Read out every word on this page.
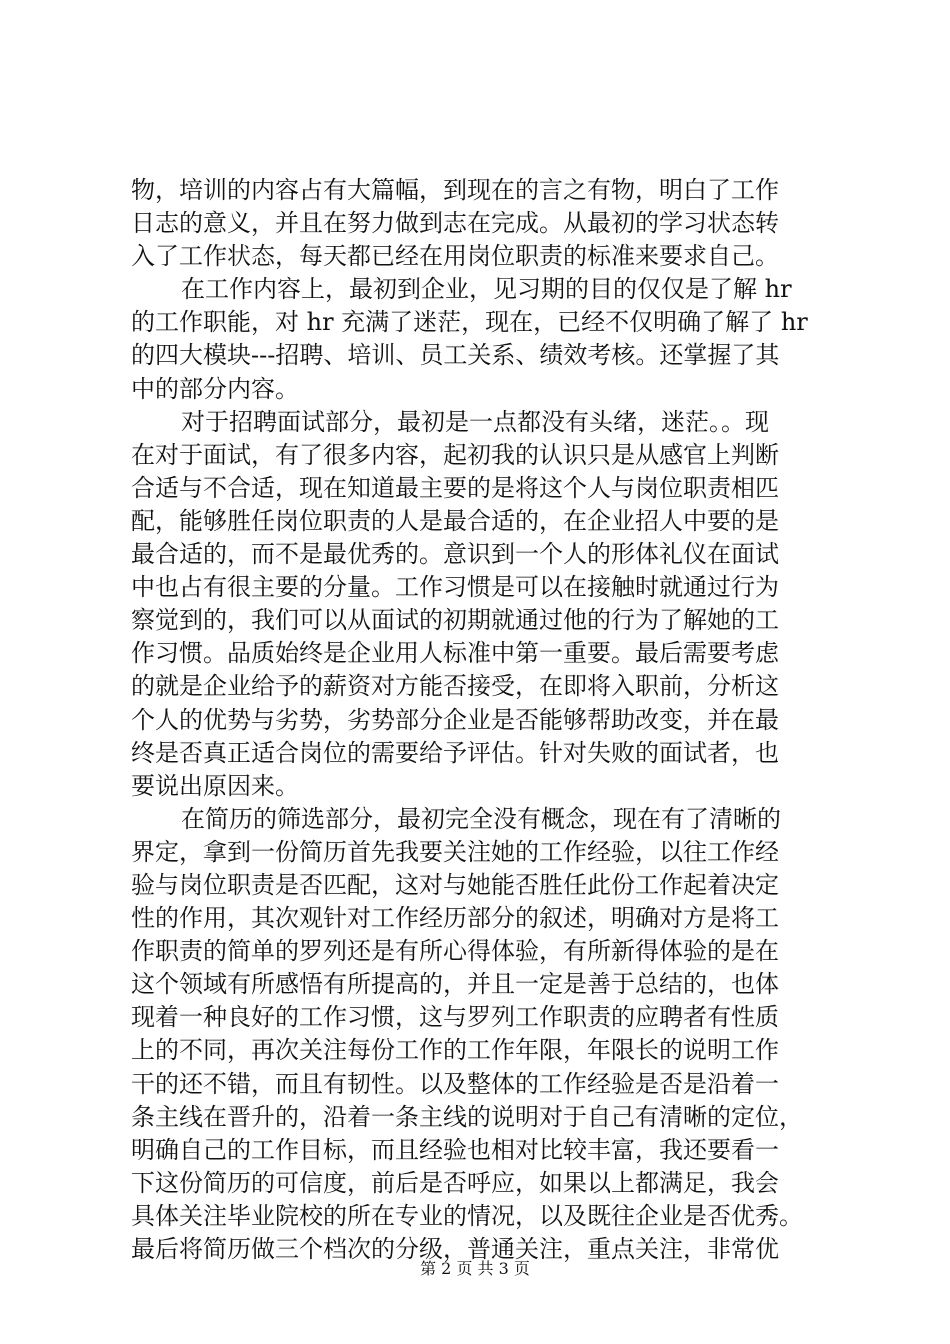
物，培训的内容占有大篇幅，到现在的言之有物，明白了工作
日志的意义，并且在努力做到志在完成。从最初的学习状态转
入了工作状态，每天都已经在用岗位职责的标准来要求自己。
在工作内容上，最初到企业，见习期的目的仅仅是了解 hr
的工作职能，对 hr 充满了迷茫，现在，已经不仅明确了解了 hr
的四大模块---招聘、培训、员工关系、绩效考核。还掌握了其
中的部分内容。
对于招聘面试部分，最初是一点都没有头绪，迷茫。。现
在对于面试，有了很多内容，起初我的认识只是从感官上判断
合适与不合适，现在知道最主要的是将这个人与岗位职责相匹
配，能够胜任岗位职责的人是最合适的，在企业招人中要的是
最合适的，而不是最优秀的。意识到一个人的形体礼仪在面试
中也占有很主要的分量。工作习惯是可以在接触时就通过行为
察觉到的，我们可以从面试的初期就通过他的行为了解她的工
作习惯。品质始终是企业用人标准中第一重要。最后需要考虑
的就是企业给予的薪资对方能否接受，在即将入职前，分析这
个人的优势与劣势，劣势部分企业是否能够帮助改变，并在最
终是否真正适合岗位的需要给予评估。针对失败的面试者，也
要说出原因来。
在简历的筛选部分，最初完全没有概念，现在有了清晰的
界定，拿到一份简历首先我要关注她的工作经验，以往工作经
验与岗位职责是否匹配，这对与她能否胜任此份工作起着决定
性的作用，其次观针对工作经历部分的叙述，明确对方是将工
作职责的简单的罗列还是有所心得体验，有所新得体验的是在
这个领域有所感悟有所提高的，并且一定是善于总结的，也体
现着一种良好的工作习惯，这与罗列工作职责的应聘者有性质
上的不同，再次关注每份工作的工作年限，年限长的说明工作
干的还不错，而且有韧性。以及整体的工作经验是否是沿着一
条主线在晋升的，沿着一条主线的说明对于自己有清晰的定位，
明确自己的工作目标，而且经验也相对比较丰富，我还要看一
下这份简历的可信度，前后是否呼应，如果以上都满足，我会
具体关注毕业院校的所在专业的情况，以及既往企业是否优秀。
最后将简历做三个档次的分级，普通关注，重点关注，非常优
第 2 页 共 3 页
